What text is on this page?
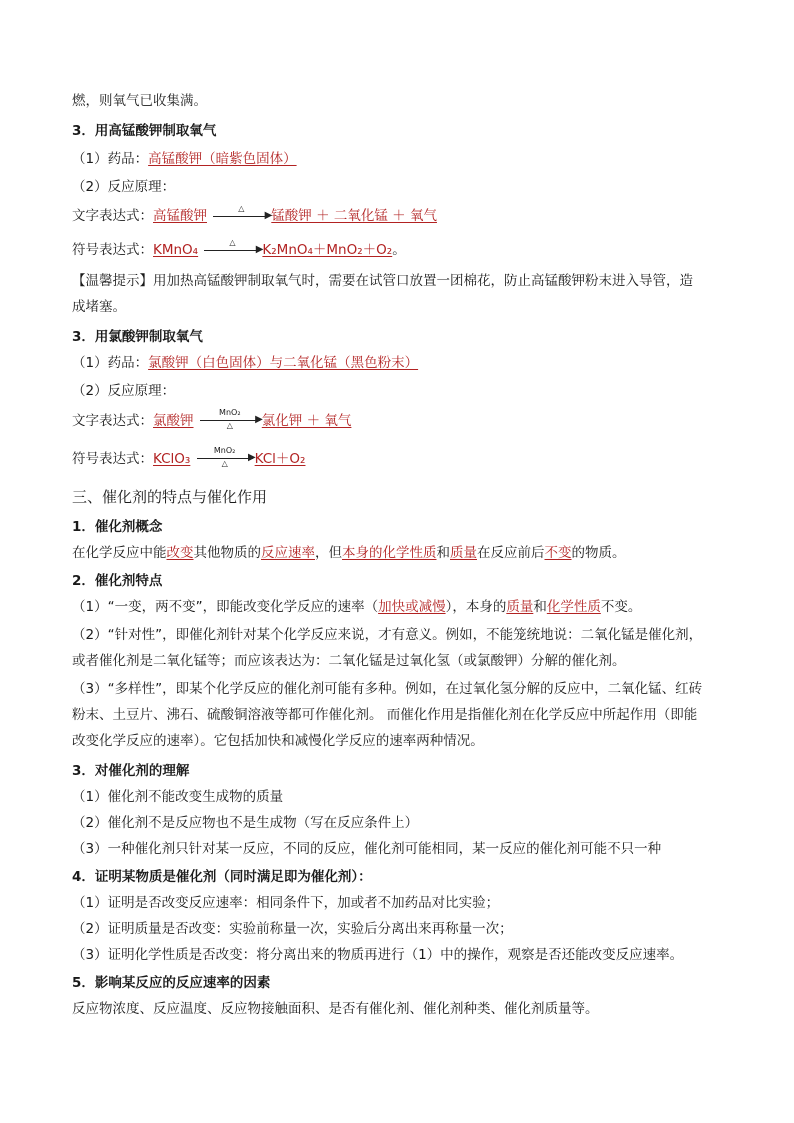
燃，则氧气已收集满。
3．用高锰酸钾制取氧气
（1）药品：高锰酸钾（暗紫色固体）
（2）反应原理：
文字表达式：高锰酸钾	△
▶ 锰酸钾 ＋ 二氧化锰 ＋ 氧气
符号表达式：KMnO₄	△
▶ K₂MnO₄＋MnO₂＋O₂。
【温馨提示】用加热高锰酸钾制取氧气时，需要在试管口放置一团棉花，防止高锰酸钾粉末进入导管，造
成堵塞。
3．用氯酸钾制取氧气
（1）药品：氯酸钾（白色固体）与二氧化锰（黑色粉末）
（2）反应原理：
文字表达式：氯酸钾
MnO₂
▶
△	氯化钾 ＋ 氧气
符号表达式：KClO₃
MnO₂
▶
△	KCl＋O₂
三、催化剂的特点与催化作用
1．催化剂概念
在化学反应中能改变其他物质的反应速率，但本身的化学性质和质量在反应前后不变的物质。
2．催化剂特点
（1）“一变，两不变”，即能改变化学反应的速率（加快或减慢），本身的质量和化学性质不变。
（2）“针对性”，即催化剂针对某个化学反应来说，才有意义。例如，不能笼统地说：二氧化锰是催化剂，
或者催化剂是二氧化锰等；而应该表达为：二氧化锰是过氧化氢（或氯酸钾）分解的催化剂。
（3）“多样性”，即某个化学反应的催化剂可能有多种。例如，在过氧化氢分解的反应中，二氧化锰、红砖
粉末、土豆片、沸石、硫酸铜溶液等都可作催化剂。 而催化作用是指催化剂在化学反应中所起作用（即能
改变化学反应的速率）。它包括加快和减慢化学反应的速率两种情况。
3．对催化剂的理解
（1）催化剂不能改变生成物的质量
（2）催化剂不是反应物也不是生成物（写在反应条件上）
（3）一种催化剂只针对某一反应，不同的反应，催化剂可能相同，某一反应的催化剂可能不只一种
4．证明某物质是催化剂（同时满足即为催化剂）：
（1）证明是否改变反应速率：相同条件下，加或者不加药品对比实验；
（2）证明质量是否改变：实验前称量一次，实验后分离出来再称量一次；
（3）证明化学性质是否改变：将分离出来的物质再进行（1）中的操作，观察是否还能改变反应速率。
5．影响某反应的反应速率的因素
反应物浓度、反应温度、反应物接触面积、是否有催化剂、催化剂种类、催化剂质量等。
